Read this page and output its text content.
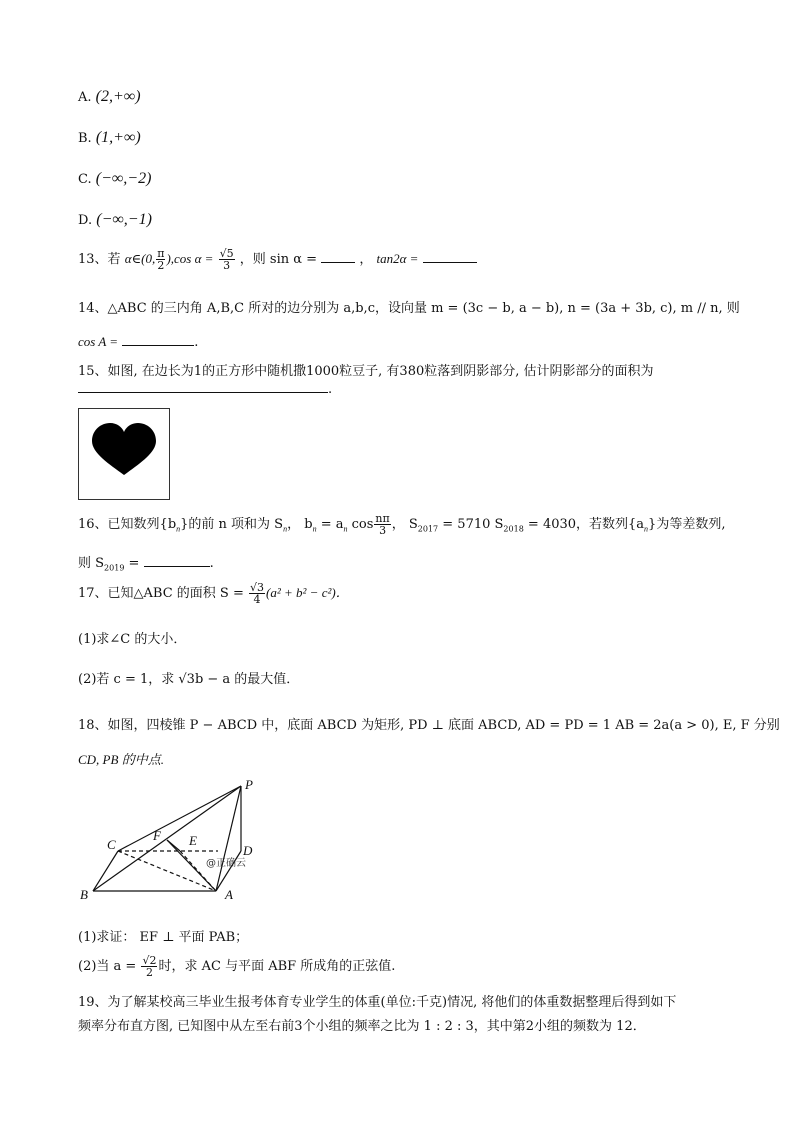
A. (2,+∞)
B. (1,+∞)
C. (−∞,−2)
D. (−∞,−1)
13、若 α∈(0, $\frac{\pi}{2} ),\cos$ $\alpha = \frac{√5}{3}$ ，则 sin α =	， tan2α =
14、△ABC 的三内角 A,B,C 所对的边分别为 a,b,c，设向量 m = (3c − b, a − b), n = (3a + 3b, c), m // n, 则
cos A =	.
15、如图, 在边长为1的正方形中随机撒1000粒豆子, 有380粒落到阴影部分, 估计阴影部分的面积为
.
16、已知数列$\{b_n\}$的前 n 项和为 $S_n$， $b_n = a_n$ $\cos \frac{n\pi}{3}$ ， $S_{2017} = 5710$ $S_{2018} = 4030$，若数列$\{a_n\}$为等差数列,
则 $S_{2019}$ =	.
17、已知△ABC 的面积 $S = \frac{√3}{4} (a^2 + b^2 - c^2)$．
(1)求∠C 的大小．
(2)若 c = 1，求 √3b − a 的最大值．
18、如图，四棱锥 P − ABCD 中，底面 ABCD 为矩形, PD ⊥ 底面 ABCD, AD = PD = 1 AB = 2a(a > 0), E, F 分别
CD, PB 的中点.
P
C
F E
D
B	A
@正确云
(1)求证： EF ⊥ 平面 PAB；
(2)当 $a = \frac{√2}{2}$ 时，求 AC 与平面 ABF 所成角的正弦值.
19、为了解某校高三毕业生报考体育专业学生的体重(单位:千克)情况, 将他们的体重数据整理后得到如下
频率分布直方图, 已知图中从左至右前3个小组的频率之比为 1 : 2 : 3，其中第2小组的频数为 12．
